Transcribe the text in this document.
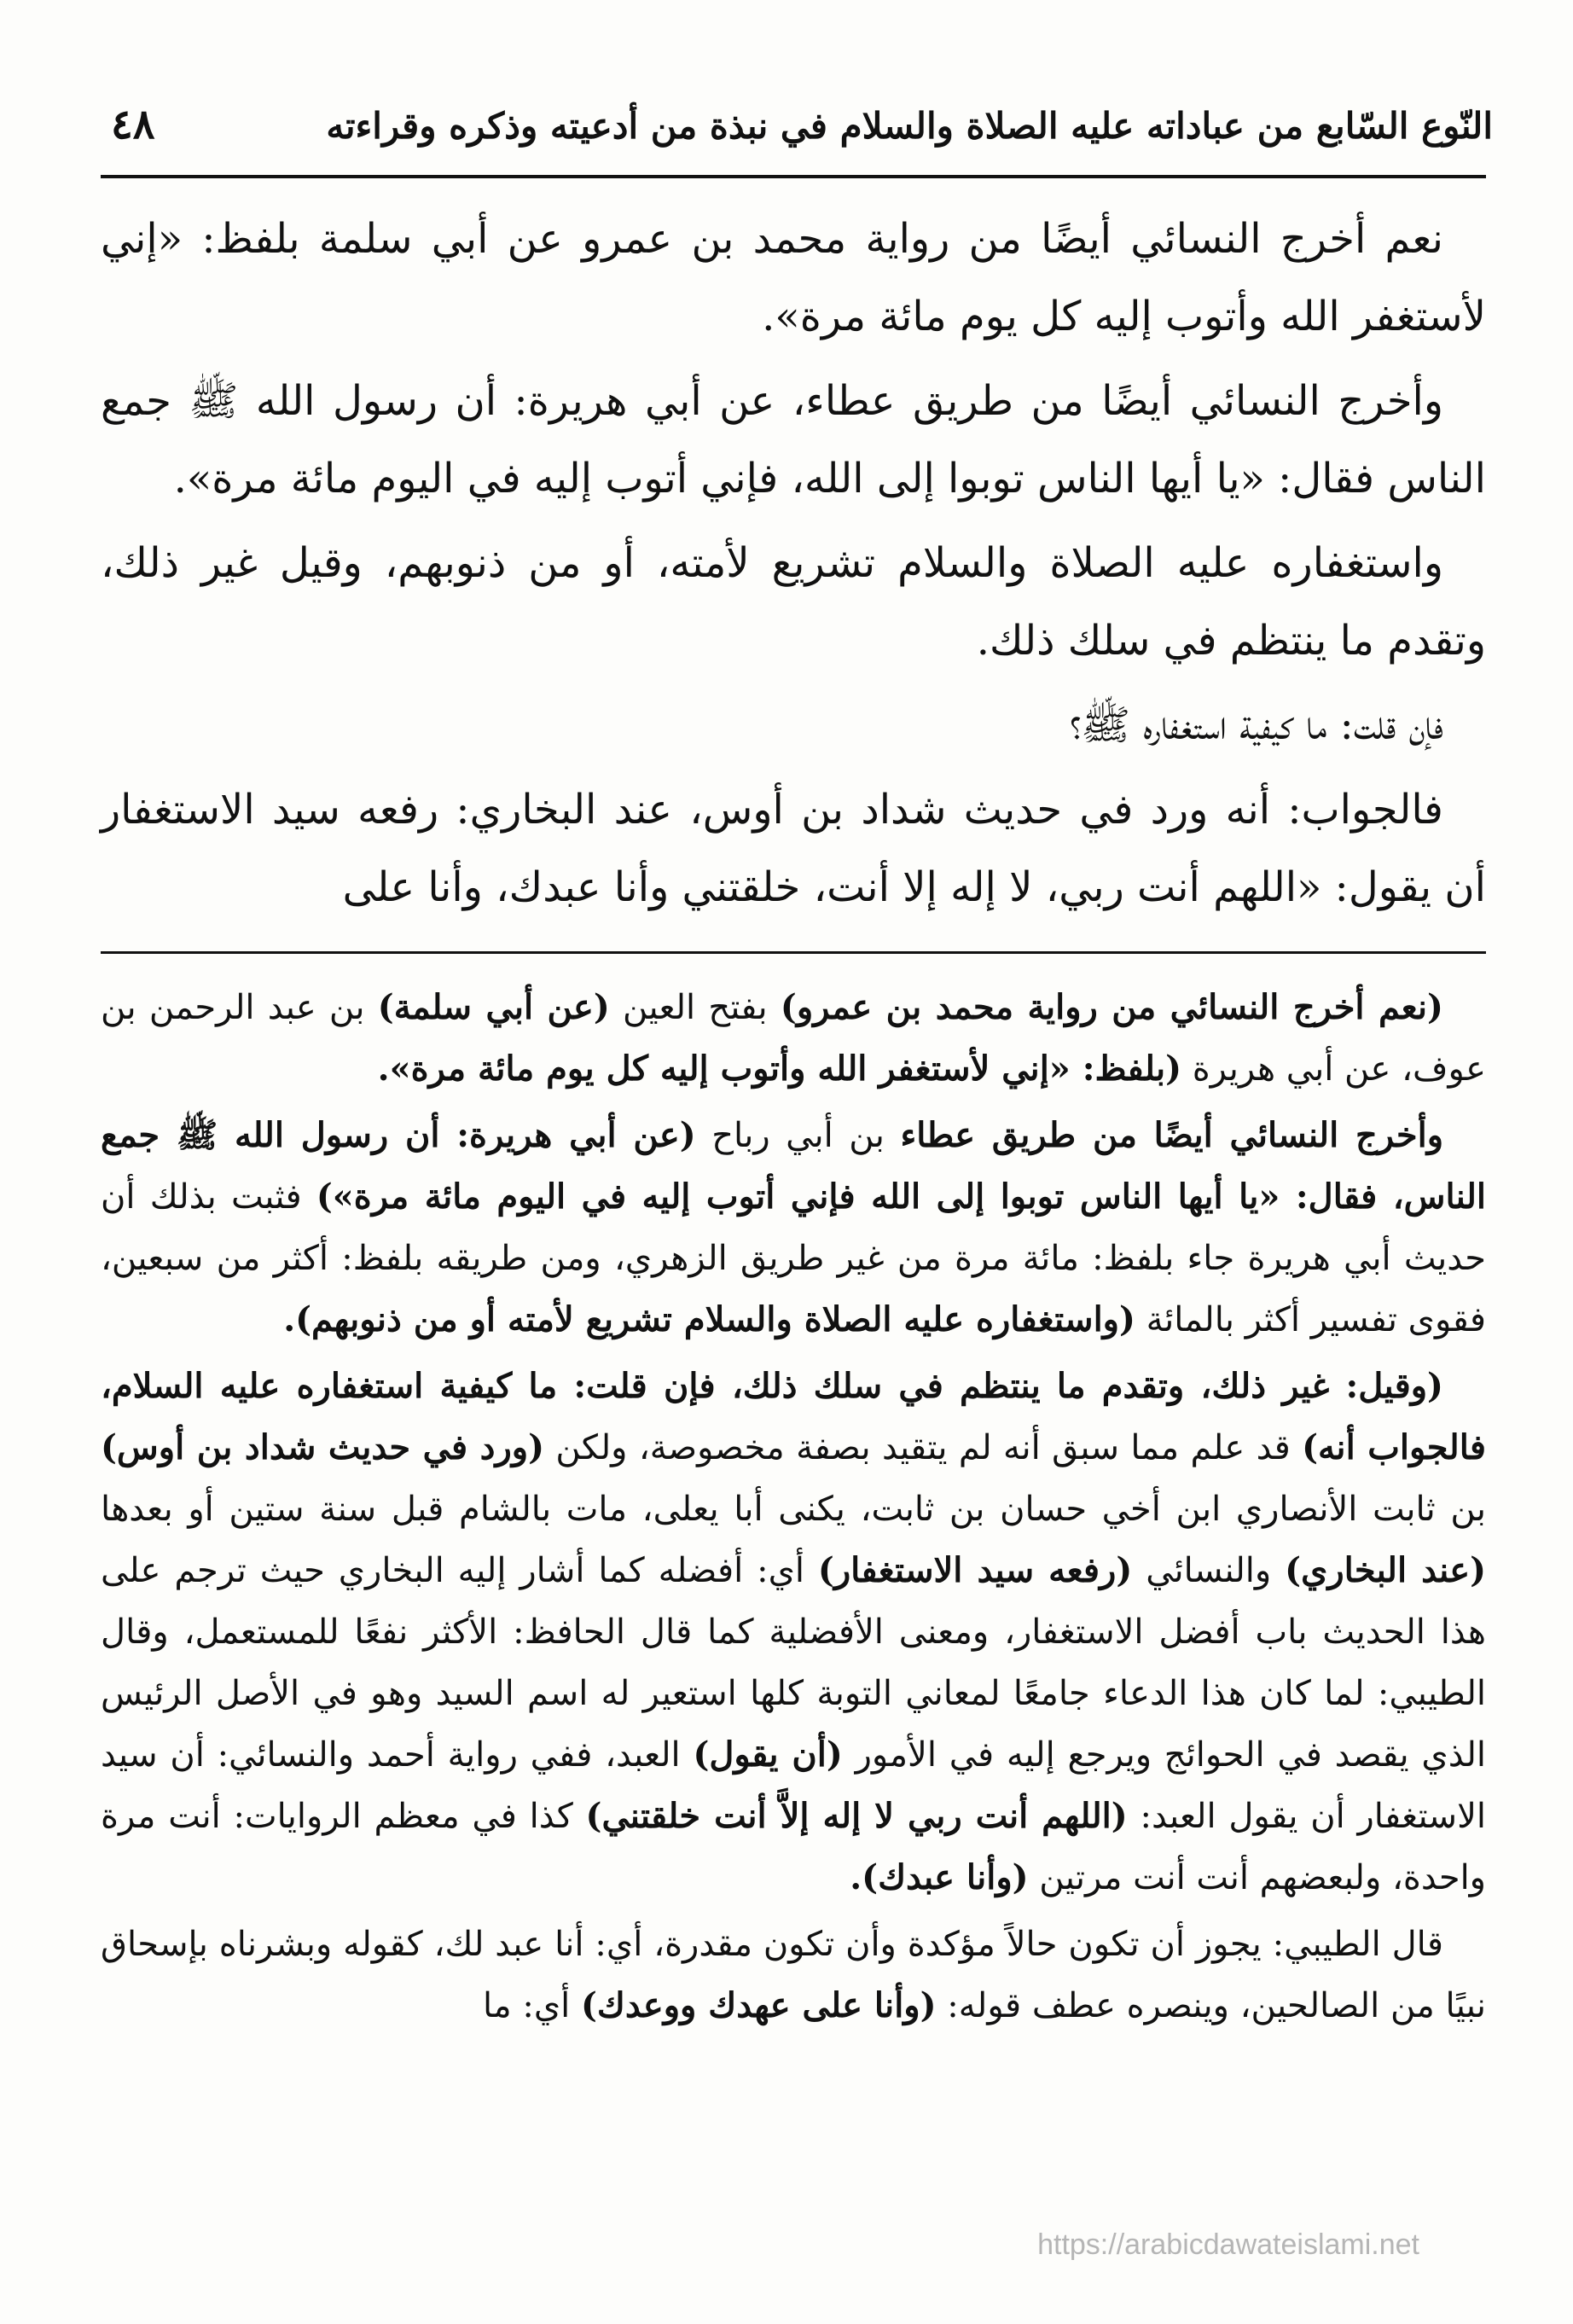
٤٨	النّوع السّابع من عباداته عليه الصلاة والسلام في نبذة من أدعيته وذكره وقراءته

نعم أخرج النسائي أيضًا من رواية محمد بن عمرو عن أبي سلمة بلفظ: «إني لأستغفر الله وأتوب إليه كل يوم مائة مرة».

وأخرج النسائي أيضًا من طريق عطاء، عن أبي هريرة: أن رسول الله ﷺ جمع الناس فقال: «يا أيها الناس توبوا إلى الله، فإني أتوب إليه في اليوم مائة مرة».

واستغفاره عليه الصلاة والسلام تشريع لأمته، أو من ذنوبهم، وقيل غير ذلك، وتقدم ما ينتظم في سلك ذلك.

فإن قلت: ما كيفية استغفاره ﷺ؟

فالجواب: أنه ورد في حديث شداد بن أوس، عند البخاري: رفعه سيد الاستغفار أن يقول: «اللهم أنت ربي، لا إله إلا أنت، خلقتني وأنا عبدك، وأنا على

(نعم أخرج النسائي من رواية محمد بن عمرو) بفتح العين (عن أبي سلمة) بن عبد الرحمن بن عوف، عن أبي هريرة (بلفظ: «إني لأستغفر الله وأتوب إليه كل يوم مائة مرة».

وأخرج النسائي أيضًا من طريق عطاء بن أبي رباح (عن أبي هريرة: أن رسول الله ﷺ جمع الناس، فقال: «يا أيها الناس توبوا إلى الله فإني أتوب إليه في اليوم مائة مرة») فثبت بذلك أن حديث أبي هريرة جاء بلفظ: مائة مرة من غير طريق الزهري، ومن طريقه بلفظ: أكثر من سبعين، فقوى تفسير أكثر بالمائة (واستغفاره عليه الصلاة والسلام تشريع لأمته أو من ذنوبهم).

(وقيل: غير ذلك، وتقدم ما ينتظم في سلك ذلك، فإن قلت: ما كيفية استغفاره عليه السلام، فالجواب أنه) قد علم مما سبق أنه لم يتقيد بصفة مخصوصة، ولكن (ورد في حديث شداد بن أوس) بن ثابت الأنصاري ابن أخي حسان بن ثابت، يكنى أبا يعلى، مات بالشام قبل سنة ستين أو بعدها (عند البخاري) والنسائي (رفعه سيد الاستغفار) أي: أفضله كما أشار إليه البخاري حيث ترجم على هذا الحديث باب أفضل الاستغفار، ومعنى الأفضلية كما قال الحافظ: الأكثر نفعًا للمستعمل، وقال الطيبي: لما كان هذا الدعاء جامعًا لمعاني التوبة كلها استعير له اسم السيد وهو في الأصل الرئيس الذي يقصد في الحوائج ويرجع إليه في الأمور (أن يقول) العبد، ففي رواية أحمد والنسائي: أن سيد الاستغفار أن يقول العبد: (اللهم أنت ربي لا إله إلاَّ أنت خلقتني) كذا في معظم الروايات: أنت مرة واحدة، ولبعضهم أنت أنت مرتين (وأنا عبدك).

قال الطيبي: يجوز أن تكون حالاً مؤكدة وأن تكون مقدرة، أي: أنا عبد لك، كقوله وبشرناه بإسحاق نبيًا من الصالحين، وينصره عطف قوله: (وأنا على عهدك ووعدك) أي: ما

https://arabicdawateislami.net
